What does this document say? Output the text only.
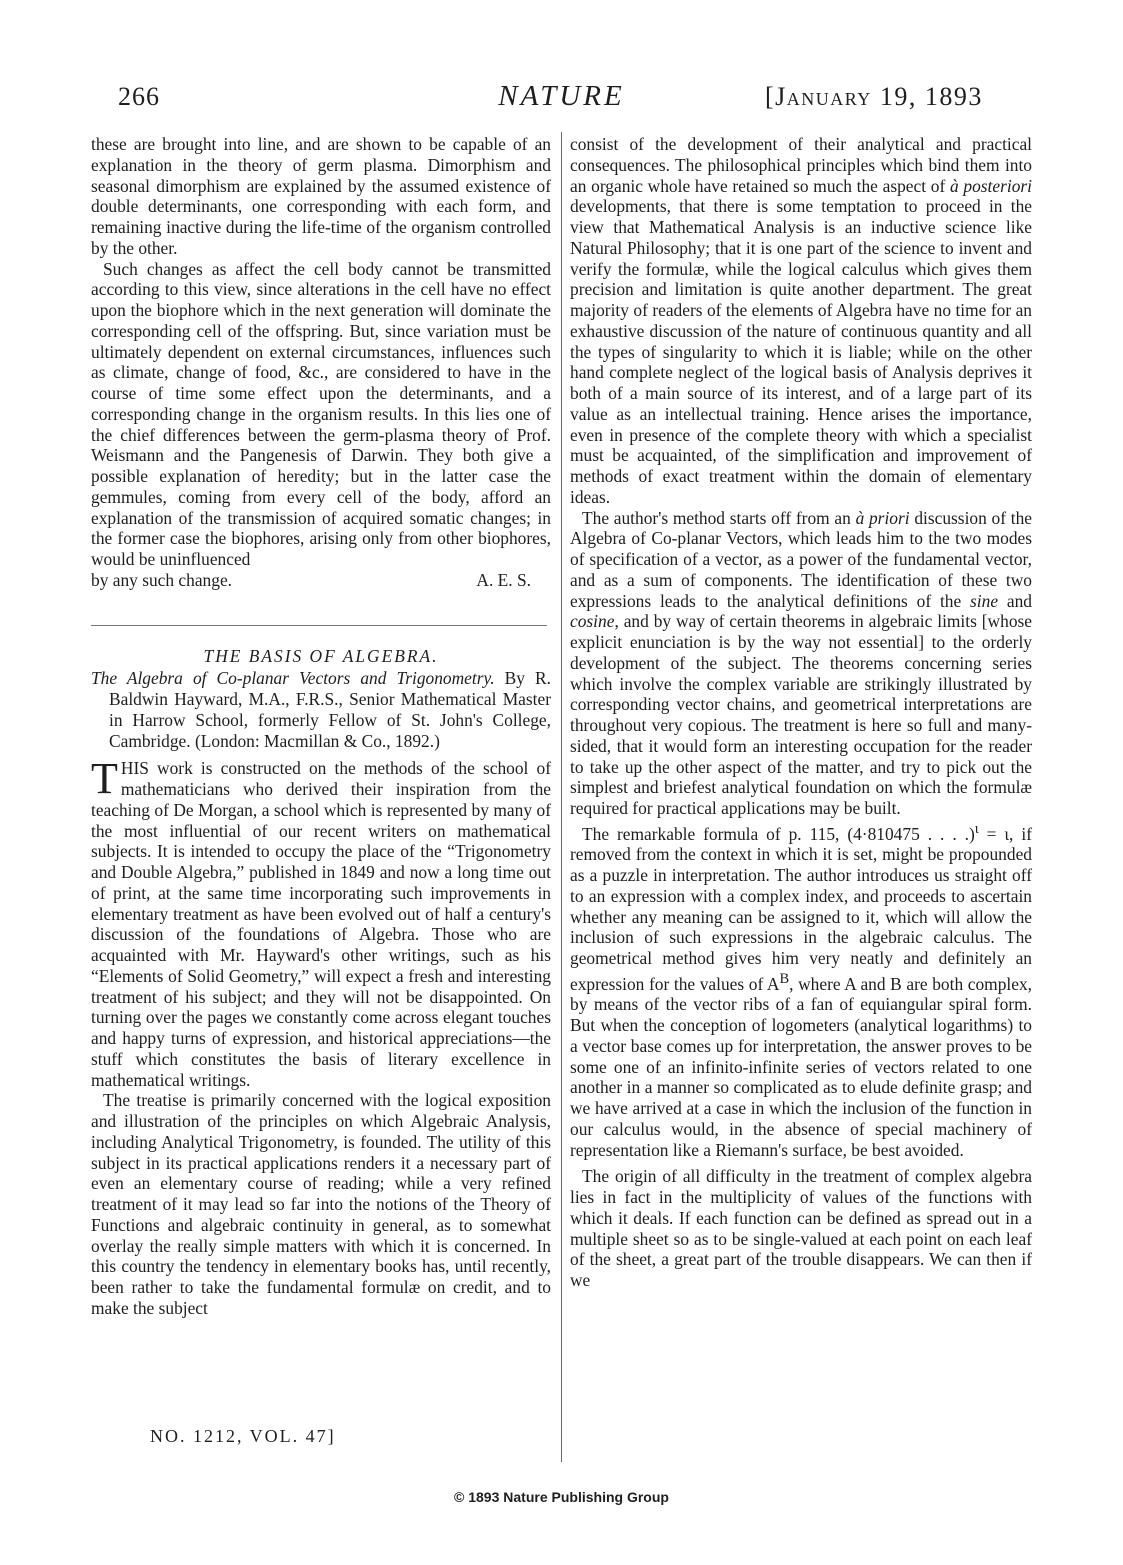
266	NATURE	[January 19, 1893

these are brought into line, and are shown to be capable of an explanation in the theory of germ plasma. Dimorphism and seasonal dimorphism are explained by the assumed existence of double determinants, one corresponding with each form, and remaining inactive during the life-time of the organism controlled by the other.

Such changes as affect the cell body cannot be transmitted according to this view, since alterations in the cell have no effect upon the biophore which in the next generation will dominate the corresponding cell of the offspring. But, since variation must be ultimately dependent on external circumstances, influences such as climate, change of food, &c., are considered to have in the course of time some effect upon the determinants, and a corresponding change in the organism results. In this lies one of the chief differences between the germ-plasma theory of Prof. Weismann and the Pangenesis of Darwin. They both give a possible explanation of heredity; but in the latter case the gemmules, coming from every cell of the body, afford an explanation of the transmission of acquired somatic changes; in the former case the biophores, arising only from other biophores, would be uninfluenced

by any such change.	A. E. S.
THE BASIS OF ALGEBRA.

The Algebra of Co-planar Vectors and Trigonometry. By R. Baldwin Hayward, M.A., F.R.S., Senior Mathematical Master in Harrow School, formerly Fellow of St. John's College, Cambridge. (London: Macmillan & Co., 1892.)

THIS work is constructed on the methods of the school of mathematicians who derived their inspiration from the teaching of De Morgan, a school which is represented by many of the most influential of our recent writers on mathematical subjects. It is intended to occupy the place of the “Trigonometry and Double Algebra,” published in 1849 and now a long time out of print, at the same time incorporating such improvements in elementary treatment as have been evolved out of half a century's discussion of the foundations of Algebra. Those who are acquainted with Mr. Hayward's other writings, such as his “Elements of Solid Geometry,” will expect a fresh and interesting treatment of his subject; and they will not be disappointed. On turning over the pages we constantly come across elegant touches and happy turns of expression, and historical appreciations—the stuff which constitutes the basis of literary excellence in mathematical writings.

The treatise is primarily concerned with the logical exposition and illustration of the principles on which Algebraic Analysis, including Analytical Trigonometry, is founded. The utility of this subject in its practical applications renders it a necessary part of even an elementary course of reading; while a very refined treatment of it may lead so far into the notions of the Theory of Functions and algebraic continuity in general, as to somewhat overlay the really simple matters with which it is concerned. In this country the tendency in elementary books has, until recently, been rather to take the fundamental formulæ on credit, and to make the subject

consist of the development of their analytical and practical consequences. The philosophical principles which bind them into an organic whole have retained so much the aspect of à posteriori developments, that there is some temptation to proceed in the view that Mathematical Analysis is an inductive science like Natural Philosophy; that it is one part of the science to invent and verify the formulæ, while the logical calculus which gives them precision and limitation is quite another department. The great majority of readers of the elements of Algebra have no time for an exhaustive discussion of the nature of continuous quantity and all the types of singularity to which it is liable; while on the other hand complete neglect of the logical basis of Analysis deprives it both of a main source of its interest, and of a large part of its value as an intellectual training. Hence arises the importance, even in presence of the complete theory with which a specialist must be acquainted, of the simplification and improvement of methods of exact treatment within the domain of elementary ideas.

The author's method starts off from an à priori discussion of the Algebra of Co-planar Vectors, which leads him to the two modes of specification of a vector, as a power of the fundamental vector, and as a sum of components. The identification of these two expressions leads to the analytical definitions of the sine and cosine, and by way of certain theorems in algebraic limits [whose explicit enunciation is by the way not essential] to the orderly development of the subject. The theorems concerning series which involve the complex variable are strikingly illustrated by corresponding vector chains, and geometrical interpretations are throughout very copious. The treatment is here so full and many-sided, that it would form an interesting occupation for the reader to take up the other aspect of the matter, and try to pick out the simplest and briefest analytical foundation on which the formulæ required for practical applications may be built.

The remarkable formula of p. 115, (4·810475 . . . .)$^\iota$ = ι, if removed from the context in which it is set, might be propounded as a puzzle in interpretation. The author introduces us straight off to an expression with a complex index, and proceeds to ascertain whether any meaning can be assigned to it, which will allow the inclusion of such expressions in the algebraic calculus. The geometrical method gives him very neatly and definitely an expression for the values of $A^B$, where A and B are both complex, by means of the vector ribs of a fan of equiangular spiral form. But when the conception of logometers (analytical logarithms) to a vector base comes up for interpretation, the answer proves to be some one of an infinito-infinite series of vectors related to one another in a manner so complicated as to elude definite grasp; and we have arrived at a case in which the inclusion of the function in our calculus would, in the absence of special machinery of representation like a Riemann's surface, be best avoided.

The origin of all difficulty in the treatment of complex algebra lies in fact in the multiplicity of values of the functions with which it deals. If each function can be defined as spread out in a multiple sheet so as to be single-valued at each point on each leaf of the sheet, a great part of the trouble disappears. We can then if we

NO. 1212, VOL. 47]
© 1893 Nature Publishing Group
